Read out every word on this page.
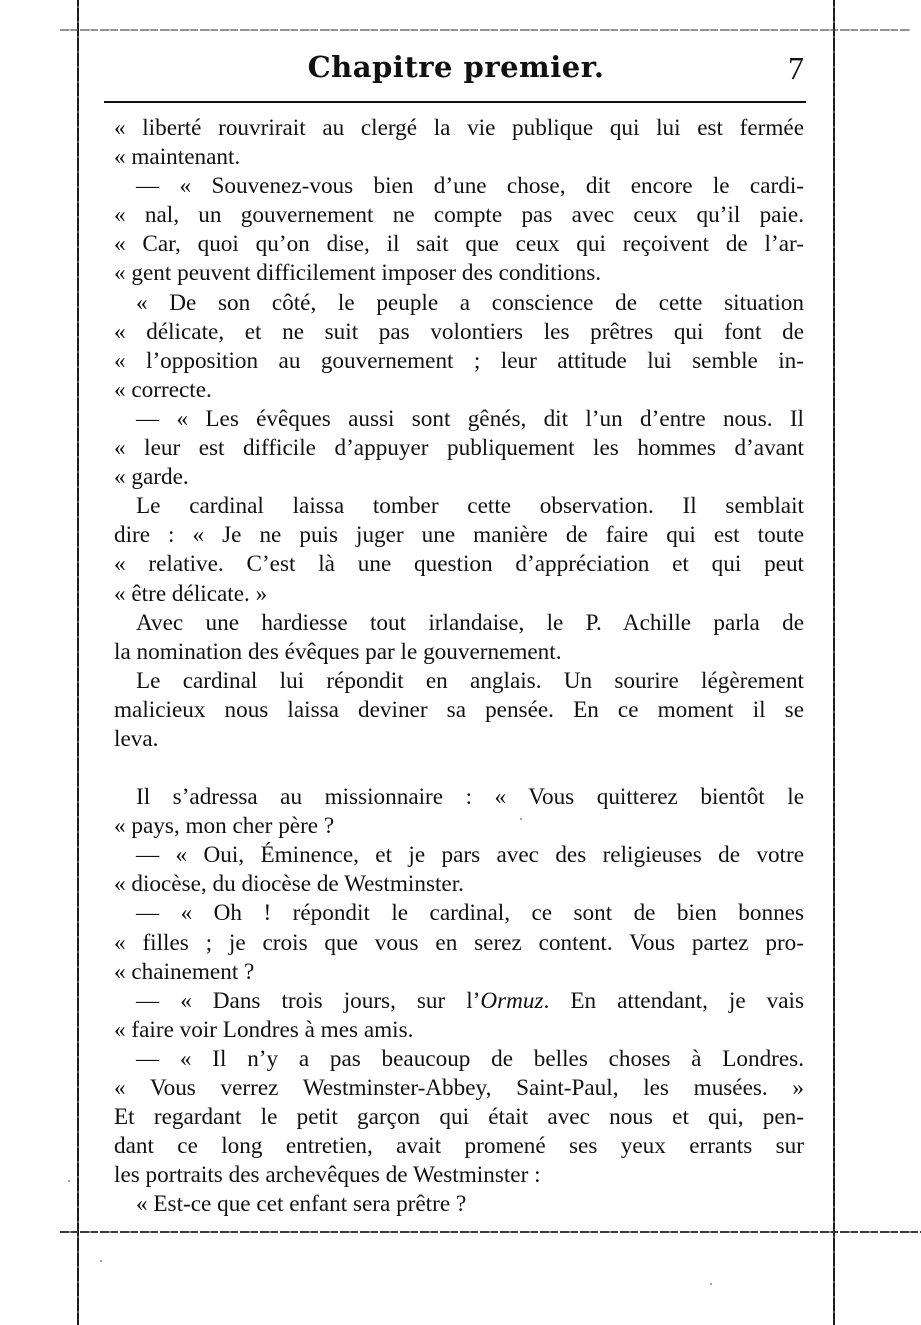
Chapitre premier.	7
« liberté rouvrirait au clergé la vie publique qui lui est fermée
« maintenant.
— « Souvenez-vous bien d’une chose, dit encore le cardi-
« nal, un gouvernement ne compte pas avec ceux qu’il paie.
« Car, quoi qu’on dise, il sait que ceux qui reçoivent de l’ar-
« gent peuvent difficilement imposer des conditions.
« De son côté, le peuple a conscience de cette situation
« délicate, et ne suit pas volontiers les prêtres qui font de
« l’opposition au gouvernement ; leur attitude lui semble in-
« correcte.
— « Les évêques aussi sont gênés, dit l’un d’entre nous. Il
« leur est difficile d’appuyer publiquement les hommes d’avant
« garde.
Le cardinal laissa tomber cette observation. Il semblait
dire : « Je ne puis juger une manière de faire qui est toute
« relative. C’est là une question d’appréciation et qui peut
« être délicate. »
Avec une hardiesse tout irlandaise, le P. Achille parla de
la nomination des évêques par le gouvernement.
Le cardinal lui répondit en anglais. Un sourire légèrement
malicieux nous laissa deviner sa pensée. En ce moment il se
leva.
Il s’adressa au missionnaire : « Vous quitterez bientôt le
« pays, mon cher père ?
— « Oui, Éminence, et je pars avec des religieuses de votre
« diocèse, du diocèse de Westminster.
— « Oh ! répondit le cardinal, ce sont de bien bonnes
« filles ; je crois que vous en serez content. Vous partez pro-
« chainement ?
— « Dans trois jours, sur l’Ormuz. En attendant, je vais
« faire voir Londres à mes amis.
— « Il n’y a pas beaucoup de belles choses à Londres.
« Vous verrez Westminster-Abbey, Saint-Paul, les musées. »
Et regardant le petit garçon qui était avec nous et qui, pen-
dant ce long entretien, avait promené ses yeux errants sur
les portraits des archevêques de Westminster :
« Est-ce que cet enfant sera prêtre ?
